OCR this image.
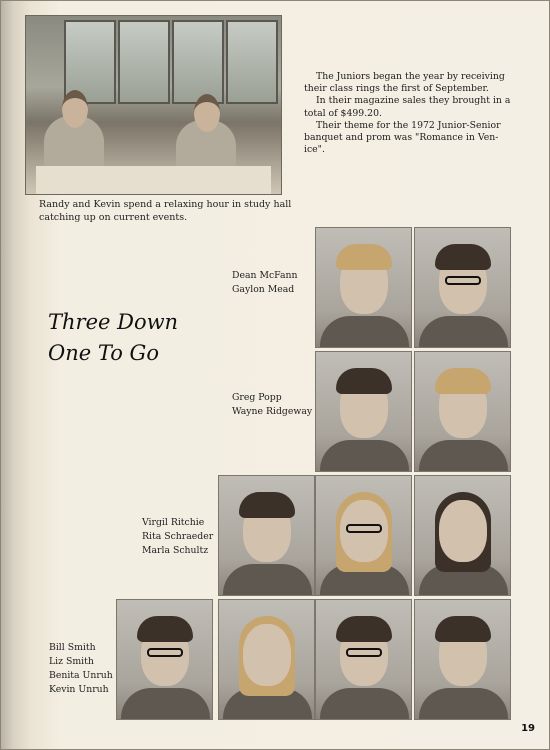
Randy and Kevin spend a relaxing hour in study hall catching up on current events.

The Juniors began the year by receiving their class rings the first of September.

In their magazine sales they brought in a total of $499.20.

Their theme for the 1972 Junior-Senior banquet and prom was "Romance in Ven-ice".

Three Down
One To Go
Dean McFann
Gaylon Mead
Greg Popp
Wayne Ridgeway
Virgil Ritchie
Rita Schraeder
Marla Schultz
Bill Smith
Liz Smith
Benita Unruh
Kevin Unruh
19
